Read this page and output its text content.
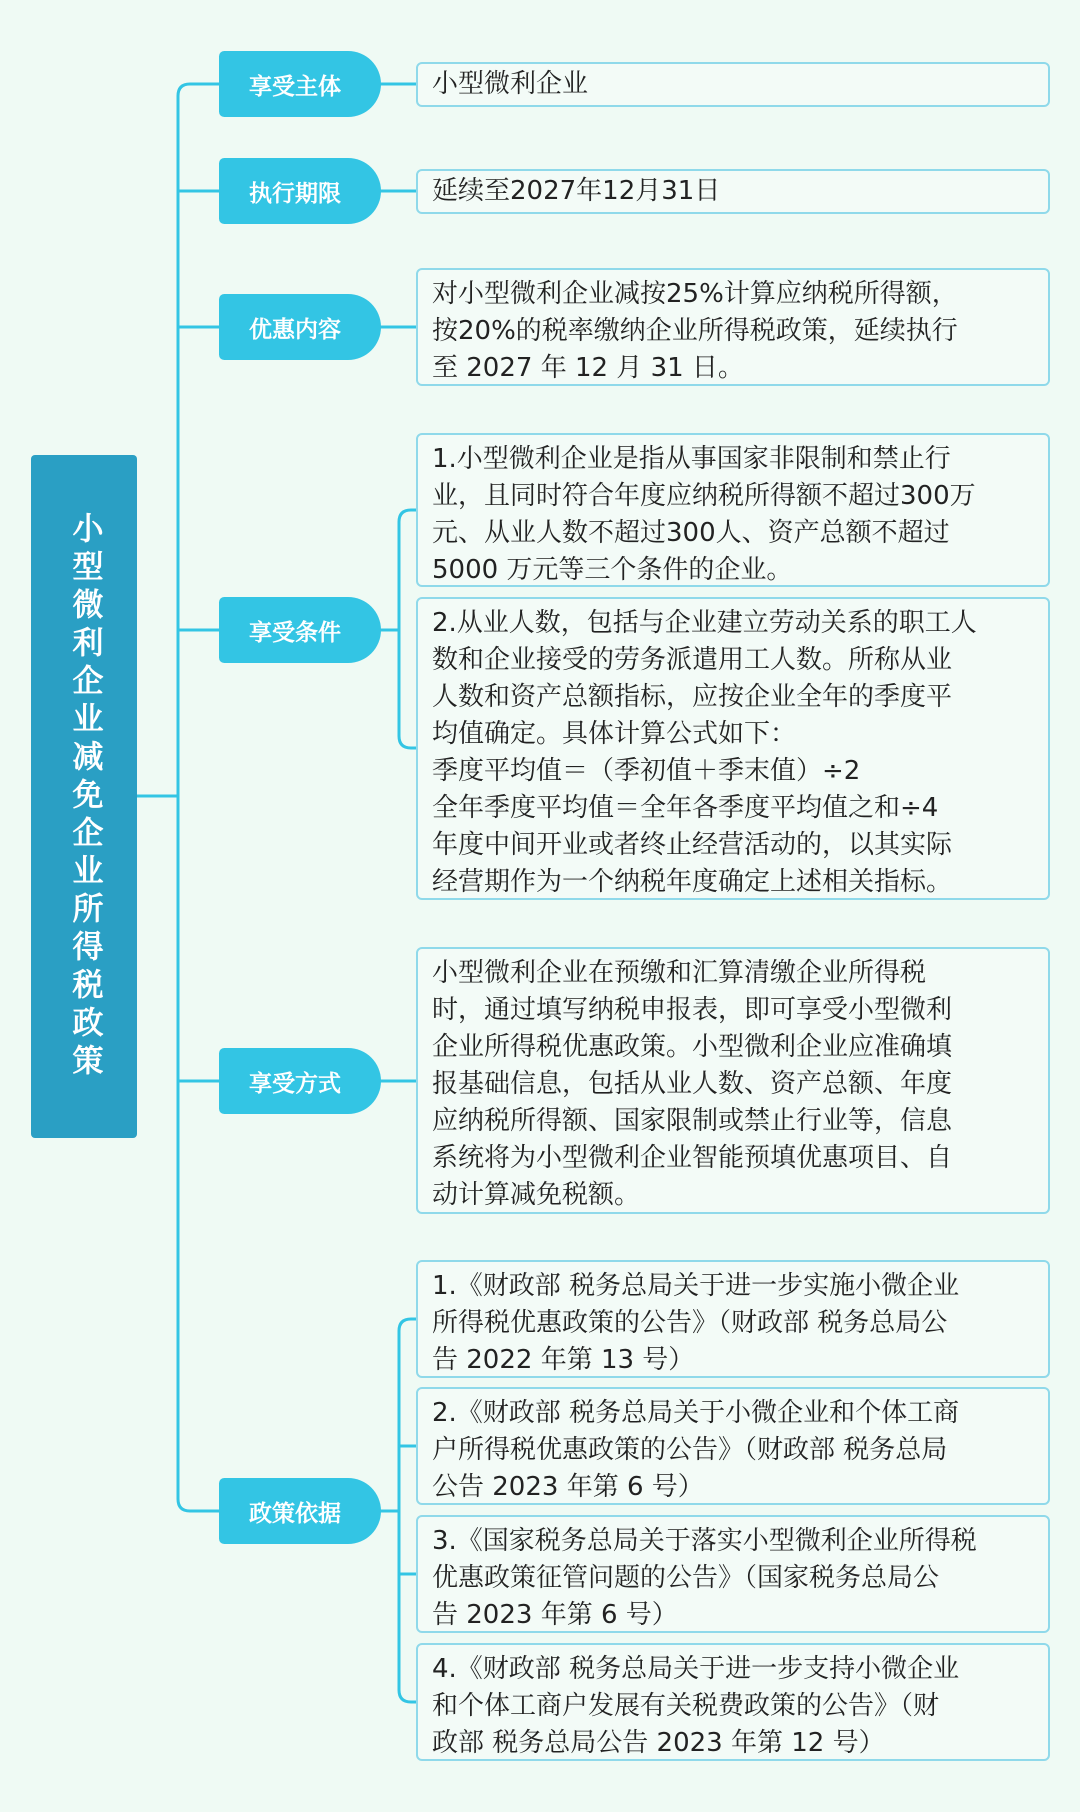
小型微利企业减免企业所得税政策
享受主体
执行期限
优惠内容
享受条件
享受方式
政策依据
小型微利企业
延续至2027年12月31日
对小型微利企业减按25%计算应纳税所得额，
按20%的税率缴纳企业所得税政策，延续执行
至 2027 年 12 月 31 日。
1.小型微利企业是指从事国家非限制和禁止行
业，且同时符合年度应纳税所得额不超过300万
元、从业人数不超过300人、资产总额不超过
5000 万元等三个条件的企业。
2.从业人数，包括与企业建立劳动关系的职工人
数和企业接受的劳务派遣用工人数。所称从业
人数和资产总额指标，应按企业全年的季度平
均值确定。具体计算公式如下：
季度平均值＝（季初值＋季末值）÷2
全年季度平均值＝全年各季度平均值之和÷4
年度中间开业或者终止经营活动的，以其实际
经营期作为一个纳税年度确定上述相关指标。
小型微利企业在预缴和汇算清缴企业所得税
时，通过填写纳税申报表，即可享受小型微利
企业所得税优惠政策。小型微利企业应准确填
报基础信息，包括从业人数、资产总额、年度
应纳税所得额、国家限制或禁止行业等，信息
系统将为小型微利企业智能预填优惠项目、自
动计算减免税额。
1.《财政部 税务总局关于进一步实施小微企业
所得税优惠政策的公告》（财政部 税务总局公
告 2022 年第 13 号）
2.《财政部 税务总局关于小微企业和个体工商
户所得税优惠政策的公告》（财政部 税务总局
公告 2023 年第 6 号）
3.《国家税务总局关于落实小型微利企业所得税
优惠政策征管问题的公告》（国家税务总局公
告 2023 年第 6 号）
4.《财政部 税务总局关于进一步支持小微企业
和个体工商户发展有关税费政策的公告》（财
政部 税务总局公告 2023 年第 12 号）
